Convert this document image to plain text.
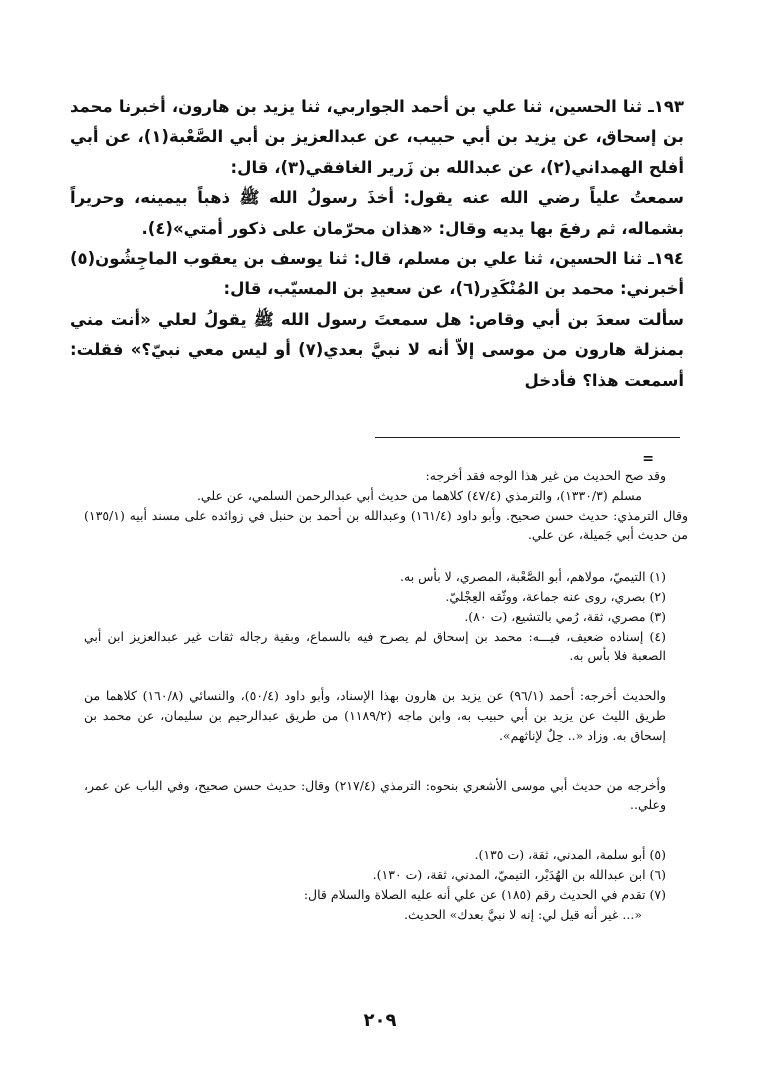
١٩٣ـ ثنا الحسين، ثنا علي بن أحمد الجواربي، ثنا يزيد بن هارون، أخبرنا محمد بن إسحاق، عن يزيد بن أبي حبيب، عن عبدالعزيز بن أبي الصَّعْبة(١)، عن أبي أفلح الهمداني(٢)، عن عبدالله بن زَرير الغافقي(٣)، قال:

سمعتُ علياً رضي الله عنه يقول: أخذَ رسولُ الله ﷺ ذهباً بيمينه، وحريراً بشماله، ثم رفعَ بها يديه وقال: «هذان محرّمان على ذكور أمتي»(٤).

١٩٤ـ ثنا الحسين، ثنا علي بن مسلم، قال: ثنا يوسف بن يعقوب الماجِشُون(٥) أخبرني: محمد بن المُنْكَدِر(٦)، عن سعيدِ بن المسيّب، قال:

سألت سعدَ بن أبي وقاص: هل سمعتَ رسول الله ﷺ يقولُ لعلي «أنت مني بمنزلة هارون من موسى إلاّ أنه لا نبيَّ بعدي(٧) أو ليس معي نبيّ؟» فقلت: أسمعت هذا؟ فأدخل

=

وقد صح الحديث من غير هذا الوجه فقد أخرجه:

مسلم (١٣٣٠/٣)، والترمذي (٤٧/٤) كلاهما من حديث أبي عبدالرحمن السلمي، عن علي.

وقال الترمذي: حديث حسن صحيح. وأبو داود (١٦١/٤) وعبدالله بن أحمد بن حنبل في زوائده على مسند أبيه (١٣٥/١) من حديث أبي جَميلة، عن علي.

(١) التيميّ، مولاهم، أبو الصَّعْبة، المصري، لا بأس به.

(٢) بصري، روى عنه جماعة، ووثّقه العِجْليّ.

(٣) مصري، ثقة، رُمي بالتشيع، (ت ٨٠).

(٤) إسناده ضعيف، فيـــه: محمد بن إسحاق لم يصرح فيه بالسماع، وبقية رجاله ثقات غير عبدالعزيز ابن أبي الصعبة فلا بأس به.

والحديث أخرجه: أحمد (٩٦/١) عن يزيد بن هارون بهذا الإسناد، وأبو داود (٥٠/٤)، والنسائي (١٦٠/٨) كلاهما من طريق الليث عن يزيد بن أبي حبيب به، وابن ماجه (١١٨٩/٢) من طريق عبدالرحيم بن سليمان، عن محمد بن إسحاق به. وزاد «.. حِلٌ لإناثهم».

وأخرجه من حديث أبي موسى الأشعري بنحوه: الترمذي (٢١٧/٤) وقال: حديث حسن صحيح، وفي الباب عن عمر، وعلي..

(٥) أبو سلمة، المدني، ثقة، (ت ١٣٥).

(٦) ابن عبدالله بن الهُدَيْر، التيميّ، المدني، ثقة، (ت ١٣٠).

(٧) تقدم في الحديث رقم (١٨٥) عن علي أنه عليه الصلاة والسلام قال:

«... غير أنه قيل لي: إنه لا نبيَّ بعدك» الحديث.

٢٠٩
